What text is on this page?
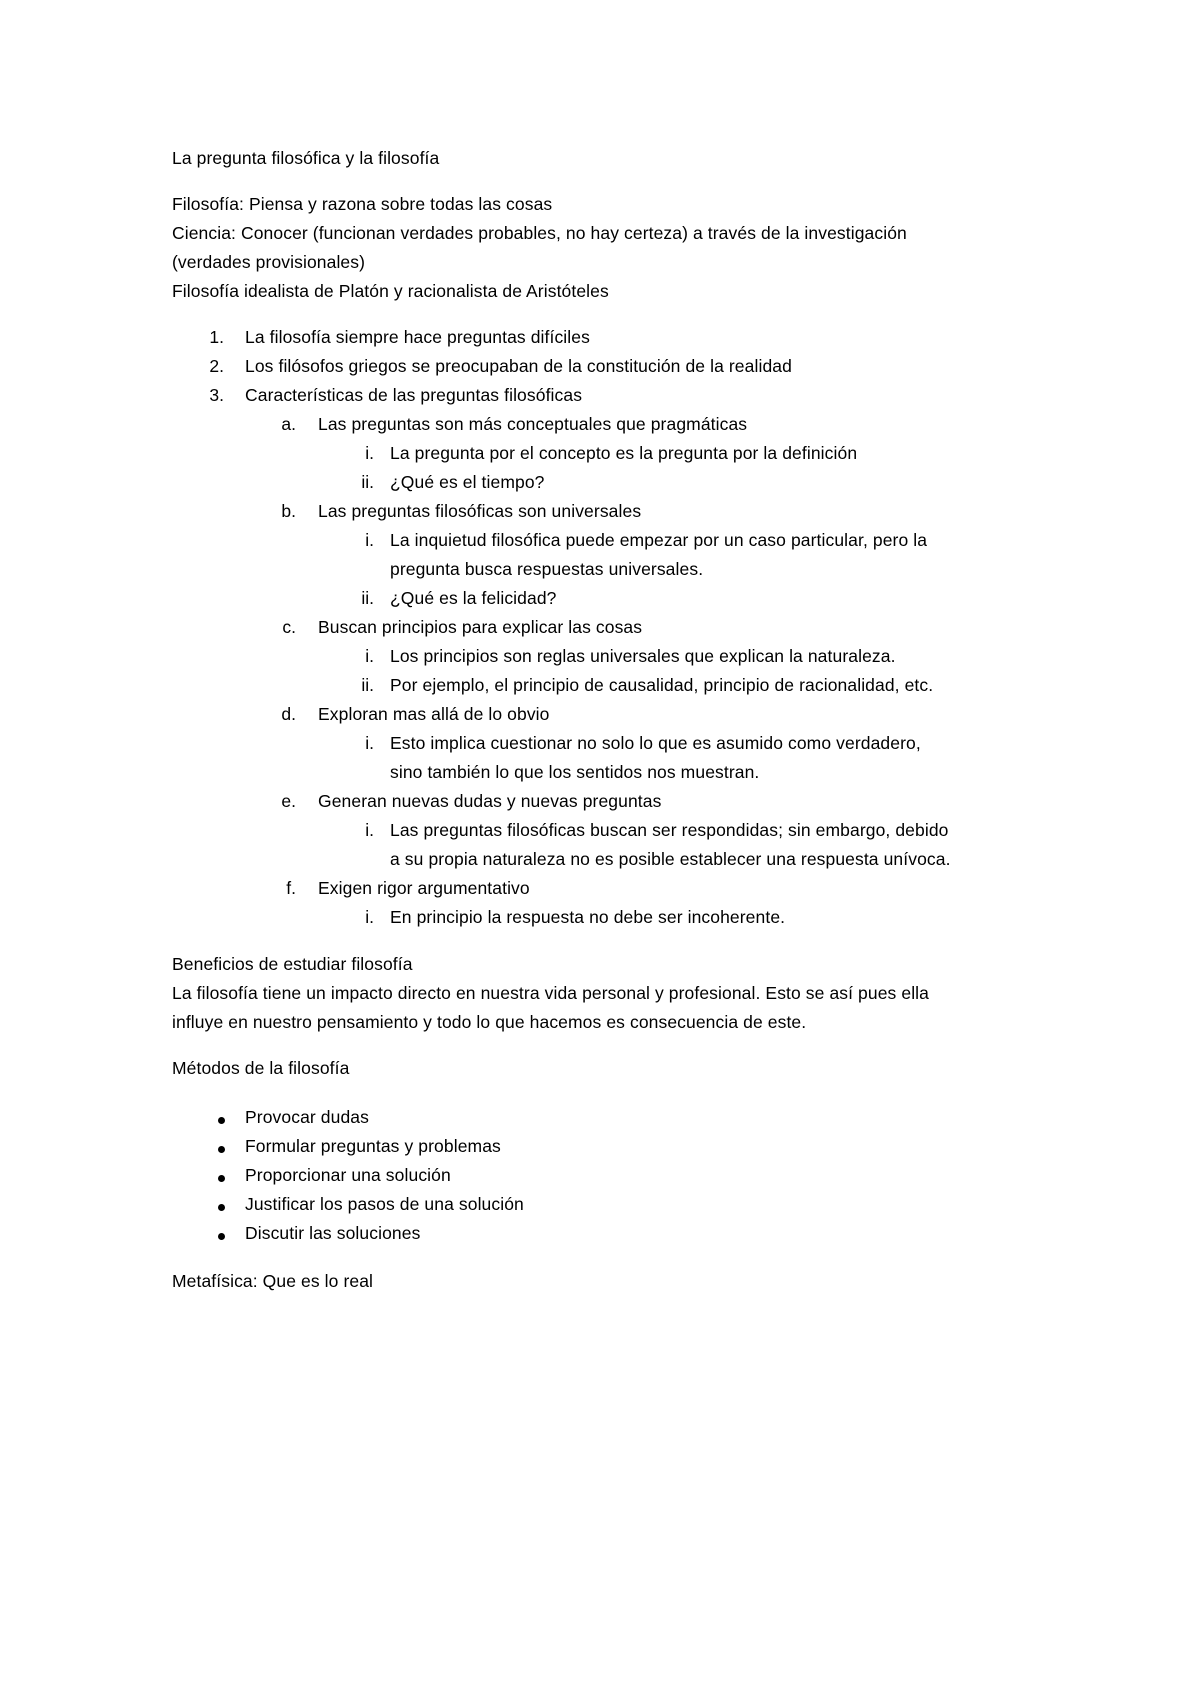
La pregunta filosófica y la filosofía
Filosofía: Piensa y razona sobre todas las cosas
Ciencia: Conocer (funcionan verdades probables, no hay certeza) a través de la investigación
(verdades provisionales)
Filosofía idealista de Platón y racionalista de Aristóteles
1. La filosofía siempre hace preguntas difíciles
2. Los filósofos griegos se preocupaban de la constitución de la realidad
3. Características de las preguntas filosóficas
a. Las preguntas son más conceptuales que pragmáticas
i. La pregunta por el concepto es la pregunta por la definición
ii. ¿Qué es el tiempo?
b. Las preguntas filosóficas son universales
i. La inquietud filosófica puede empezar por un caso particular, pero la
pregunta busca respuestas universales.
ii. ¿Qué es la felicidad?
c. Buscan principios para explicar las cosas
i. Los principios son reglas universales que explican la naturaleza.
ii. Por ejemplo, el principio de causalidad, principio de racionalidad, etc.
d. Exploran mas allá de lo obvio
i. Esto implica cuestionar no solo lo que es asumido como verdadero,
sino también lo que los sentidos nos muestran.
e. Generan nuevas dudas y nuevas preguntas
i. Las preguntas filosóficas buscan ser respondidas; sin embargo, debido
a su propia naturaleza no es posible establecer una respuesta unívoca.
f. Exigen rigor argumentativo
i. En principio la respuesta no debe ser incoherente.
Beneficios de estudiar filosofía
La filosofía tiene un impacto directo en nuestra vida personal y profesional. Esto se así pues ella
influye en nuestro pensamiento y todo lo que hacemos es consecuencia de este.
Métodos de la filosofía
Provocar dudas
Formular preguntas y problemas
Proporcionar una solución
Justificar los pasos de una solución
Discutir las soluciones
Metafísica: Que es lo real
